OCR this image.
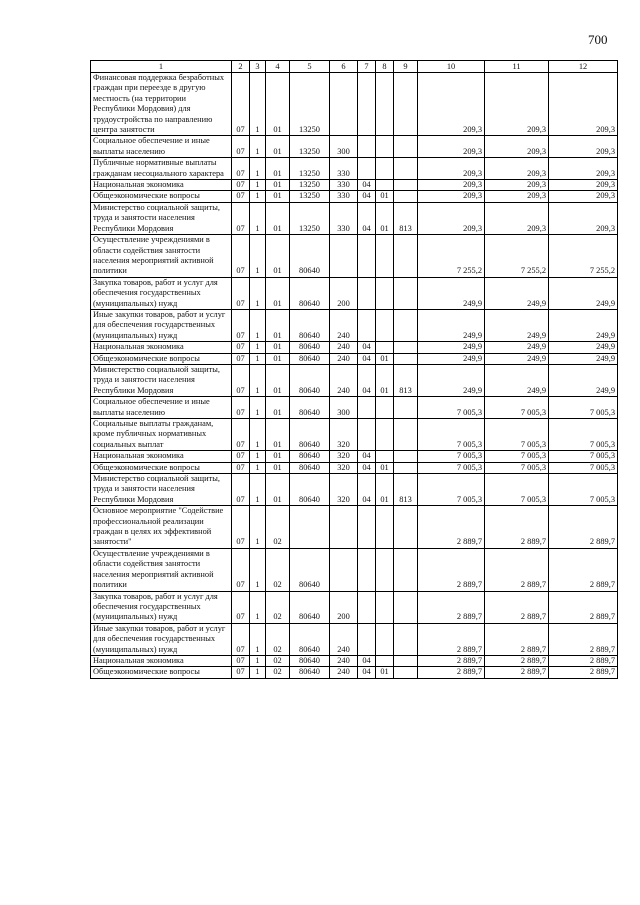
700
1	2	3	4	5	6	7	8	9	10	11	12
Финансовая поддержка безработных граждан при переезде в другую местность (на территории Республики Мордовия) для трудоустройства по направлению центра занятости	07	1	01	13250					209,3	209,3	209,3
Социальное обеспечение и иные выплаты населению	07	1	01	13250	300				209,3	209,3	209,3
Публичные нормативные выплаты гражданам несоциального характера	07	1	01	13250	330				209,3	209,3	209,3
Национальная экономика	07	1	01	13250	330	04			209,3	209,3	209,3
Общеэкономические вопросы	07	1	01	13250	330	04	01		209,3	209,3	209,3
Министерство социальной защиты, труда и занятости населения Республики Мордовия	07	1	01	13250	330	04	01	813	209,3	209,3	209,3
Осуществление учреждениями в области содействия занятости населения мероприятий активной политики	07	1	01	80640					7 255,2	7 255,2	7 255,2
Закупка товаров, работ и услуг для обеспечения государственных (муниципальных) нужд	07	1	01	80640	200				249,9	249,9	249,9
Иные закупки товаров, работ и услуг для обеспечения государственных (муниципальных) нужд	07	1	01	80640	240				249,9	249,9	249,9
Национальная экономика	07	1	01	80640	240	04			249,9	249,9	249,9
Общеэкономические вопросы	07	1	01	80640	240	04	01		249,9	249,9	249,9
Министерство социальной защиты, труда и занятости населения Республики Мордовия	07	1	01	80640	240	04	01	813	249,9	249,9	249,9
Социальное обеспечение и иные выплаты населению	07	1	01	80640	300				7 005,3	7 005,3	7 005,3
Социальные выплаты гражданам, кроме публичных нормативных социальных выплат	07	1	01	80640	320				7 005,3	7 005,3	7 005,3
Национальная экономика	07	1	01	80640	320	04			7 005,3	7 005,3	7 005,3
Общеэкономические вопросы	07	1	01	80640	320	04	01		7 005,3	7 005,3	7 005,3
Министерство социальной защиты, труда и занятости населения Республики Мордовия	07	1	01	80640	320	04	01	813	7 005,3	7 005,3	7 005,3
Основное мероприятие "Содействие профессиональной реализации граждан в целях их эффективной занятости"	07	1	02						2 889,7	2 889,7	2 889,7
Осуществление учреждениями в области содействия занятости населения мероприятий активной политики	07	1	02	80640					2 889,7	2 889,7	2 889,7
Закупка товаров, работ и услуг для обеспечения государственных (муниципальных) нужд	07	1	02	80640	200				2 889,7	2 889,7	2 889,7
Иные закупки товаров, работ и услуг для обеспечения государственных (муниципальных) нужд	07	1	02	80640	240				2 889,7	2 889,7	2 889,7
Национальная экономика	07	1	02	80640	240	04			2 889,7	2 889,7	2 889,7
Общеэкономические вопросы	07	1	02	80640	240	04	01		2 889,7	2 889,7	2 889,7
